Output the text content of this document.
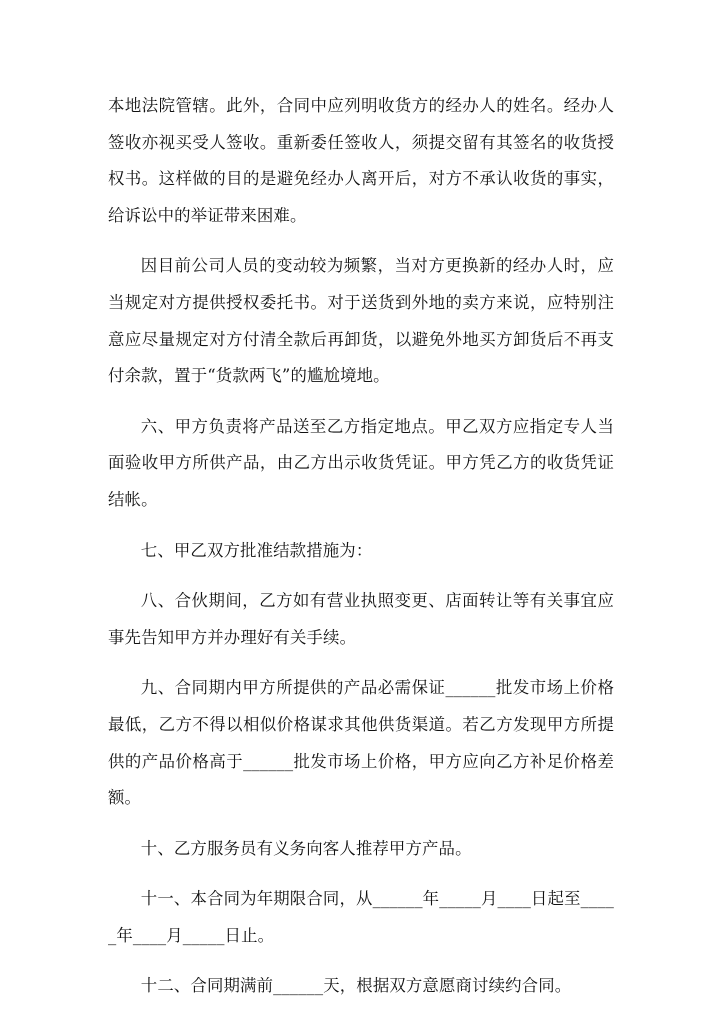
本地法院管辖。此外，合同中应列明收货方的经办人的姓名。经办人签收亦视买受人签收。重新委任签收人，须提交留有其签名的收货授权书。这样做的目的是避免经办人离开后，对方不承认收货的事实，给诉讼中的举证带来困难。

因目前公司人员的变动较为频繁，当对方更换新的经办人时，应当规定对方提供授权委托书。对于送货到外地的卖方来说，应特别注意应尽量规定对方付清全款后再卸货，以避免外地买方卸货后不再支付余款，置于“货款两飞”的尴尬境地。

六、甲方负责将产品送至乙方指定地点。甲乙双方应指定专人当面验收甲方所供产品，由乙方出示收货凭证。甲方凭乙方的收货凭证结帐。

七、甲乙双方批准结款措施为：

八、合伙期间，乙方如有营业执照变更、店面转让等有关事宜应事先告知甲方并办理好有关手续。

九、合同期内甲方所提供的产品必需保证______批发市场上价格最低，乙方不得以相似价格谋求其他供货渠道。若乙方发现甲方所提供的产品价格高于______批发市场上价格，甲方应向乙方补足价格差额。

十、乙方服务员有义务向客人推荐甲方产品。

十一、本合同为年期限合同，从______年_____月____日起至_____年____月_____日止。

十二、合同期满前______天，根据双方意愿商讨续约合同。
